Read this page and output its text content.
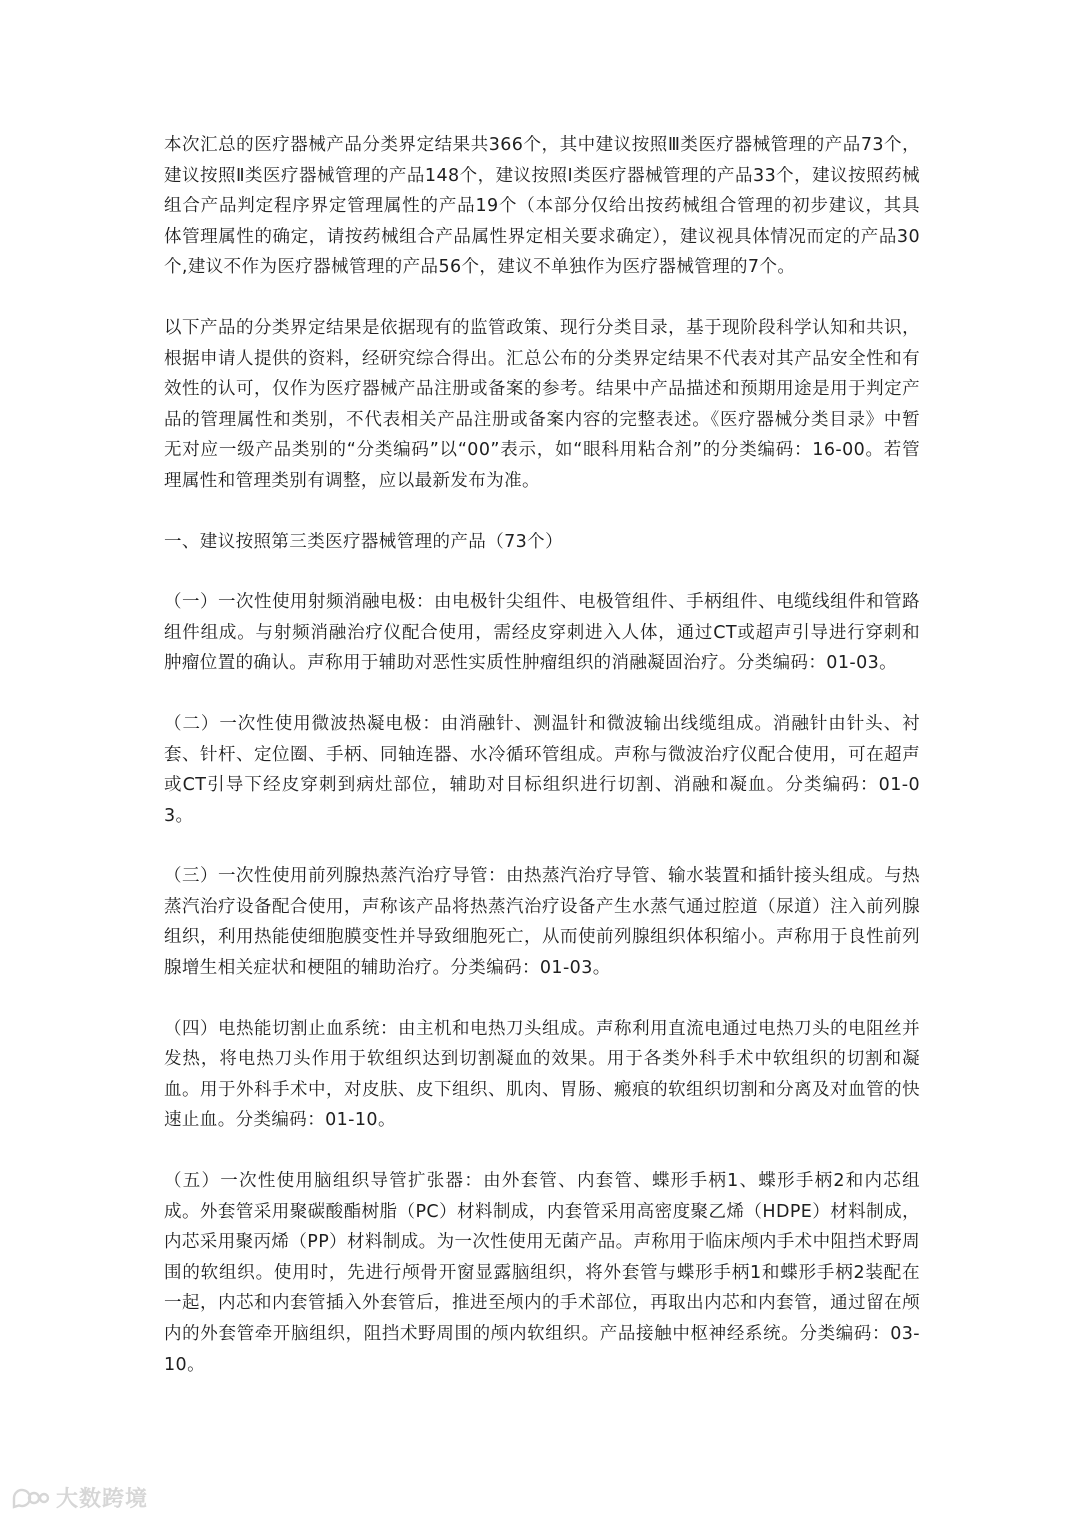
本次汇总的医疗器械产品分类界定结果共366个，其中建议按照Ⅲ类医疗器械管理的产品73个，建议按照Ⅱ类医疗器械管理的产品148个，建议按照Ⅰ类医疗器械管理的产品33个，建议按照药械组合产品判定程序界定管理属性的产品19个（本部分仅给出按药械组合管理的初步建议，其具体管理属性的确定，请按药械组合产品属性界定相关要求确定），建议视具体情况而定的产品30个,建议不作为医疗器械管理的产品56个，建议不单独作为医疗器械管理的7个。

以下产品的分类界定结果是依据现有的监管政策、现行分类目录，基于现阶段科学认知和共识，根据申请人提供的资料，经研究综合得出。汇总公布的分类界定结果不代表对其产品安全性和有效性的认可，仅作为医疗器械产品注册或备案的参考。结果中产品描述和预期用途是用于判定产品的管理属性和类别，不代表相关产品注册或备案内容的完整表述。《医疗器械分类目录》中暂无对应一级产品类别的“分类编码”以“00”表示，如“眼科用粘合剂”的分类编码：16-00。若管理属性和管理类别有调整，应以最新发布为准。

一、建议按照第三类医疗器械管理的产品（73个）

（一）一次性使用射频消融电极：由电极针尖组件、电极管组件、手柄组件、电缆线组件和管路组件组成。与射频消融治疗仪配合使用，需经皮穿刺进入人体，通过CT或超声引导进行穿刺和肿瘤位置的确认。声称用于辅助对恶性实质性肿瘤组织的消融凝固治疗。分类编码：01-03。

（二）一次性使用微波热凝电极：由消融针、测温针和微波输出线缆组成。消融针由针头、衬套、针杆、定位圈、手柄、同轴连器、水冷循环管组成。声称与微波治疗仪配合使用，可在超声或CT引导下经皮穿刺到病灶部位，辅助对目标组织进行切割、消融和凝血。分类编码：01-03。

（三）一次性使用前列腺热蒸汽治疗导管：由热蒸汽治疗导管、输水装置和插针接头组成。与热蒸汽治疗设备配合使用，声称该产品将热蒸汽治疗设备产生水蒸气通过腔道（尿道）注入前列腺组织，利用热能使细胞膜变性并导致细胞死亡，从而使前列腺组织体积缩小。声称用于良性前列腺增生相关症状和梗阻的辅助治疗。分类编码：01-03。

（四）电热能切割止血系统：由主机和电热刀头组成。声称利用直流电通过电热刀头的电阻丝并发热，将电热刀头作用于软组织达到切割凝血的效果。用于各类外科手术中软组织的切割和凝血。用于外科手术中，对皮肤、皮下组织、肌肉、胃肠、瘢痕的软组织切割和分离及对血管的快速止血。分类编码：01-10。

（五）一次性使用脑组织导管扩张器：由外套管、内套管、蝶形手柄1、蝶形手柄2和内芯组成。外套管采用聚碳酸酯树脂（PC）材料制成，内套管采用高密度聚乙烯（HDPE）材料制成，内芯采用聚丙烯（PP）材料制成。为一次性使用无菌产品。声称用于临床颅内手术中阻挡术野周围的软组织。使用时，先进行颅骨开窗显露脑组织，将外套管与蝶形手柄1和蝶形手柄2装配在一起，内芯和内套管插入外套管后，推进至颅内的手术部位，再取出内芯和内套管，通过留在颅内的外套管牵开脑组织，阻挡术野周围的颅内软组织。产品接触中枢神经系统。分类编码：03-10。

大数跨境
